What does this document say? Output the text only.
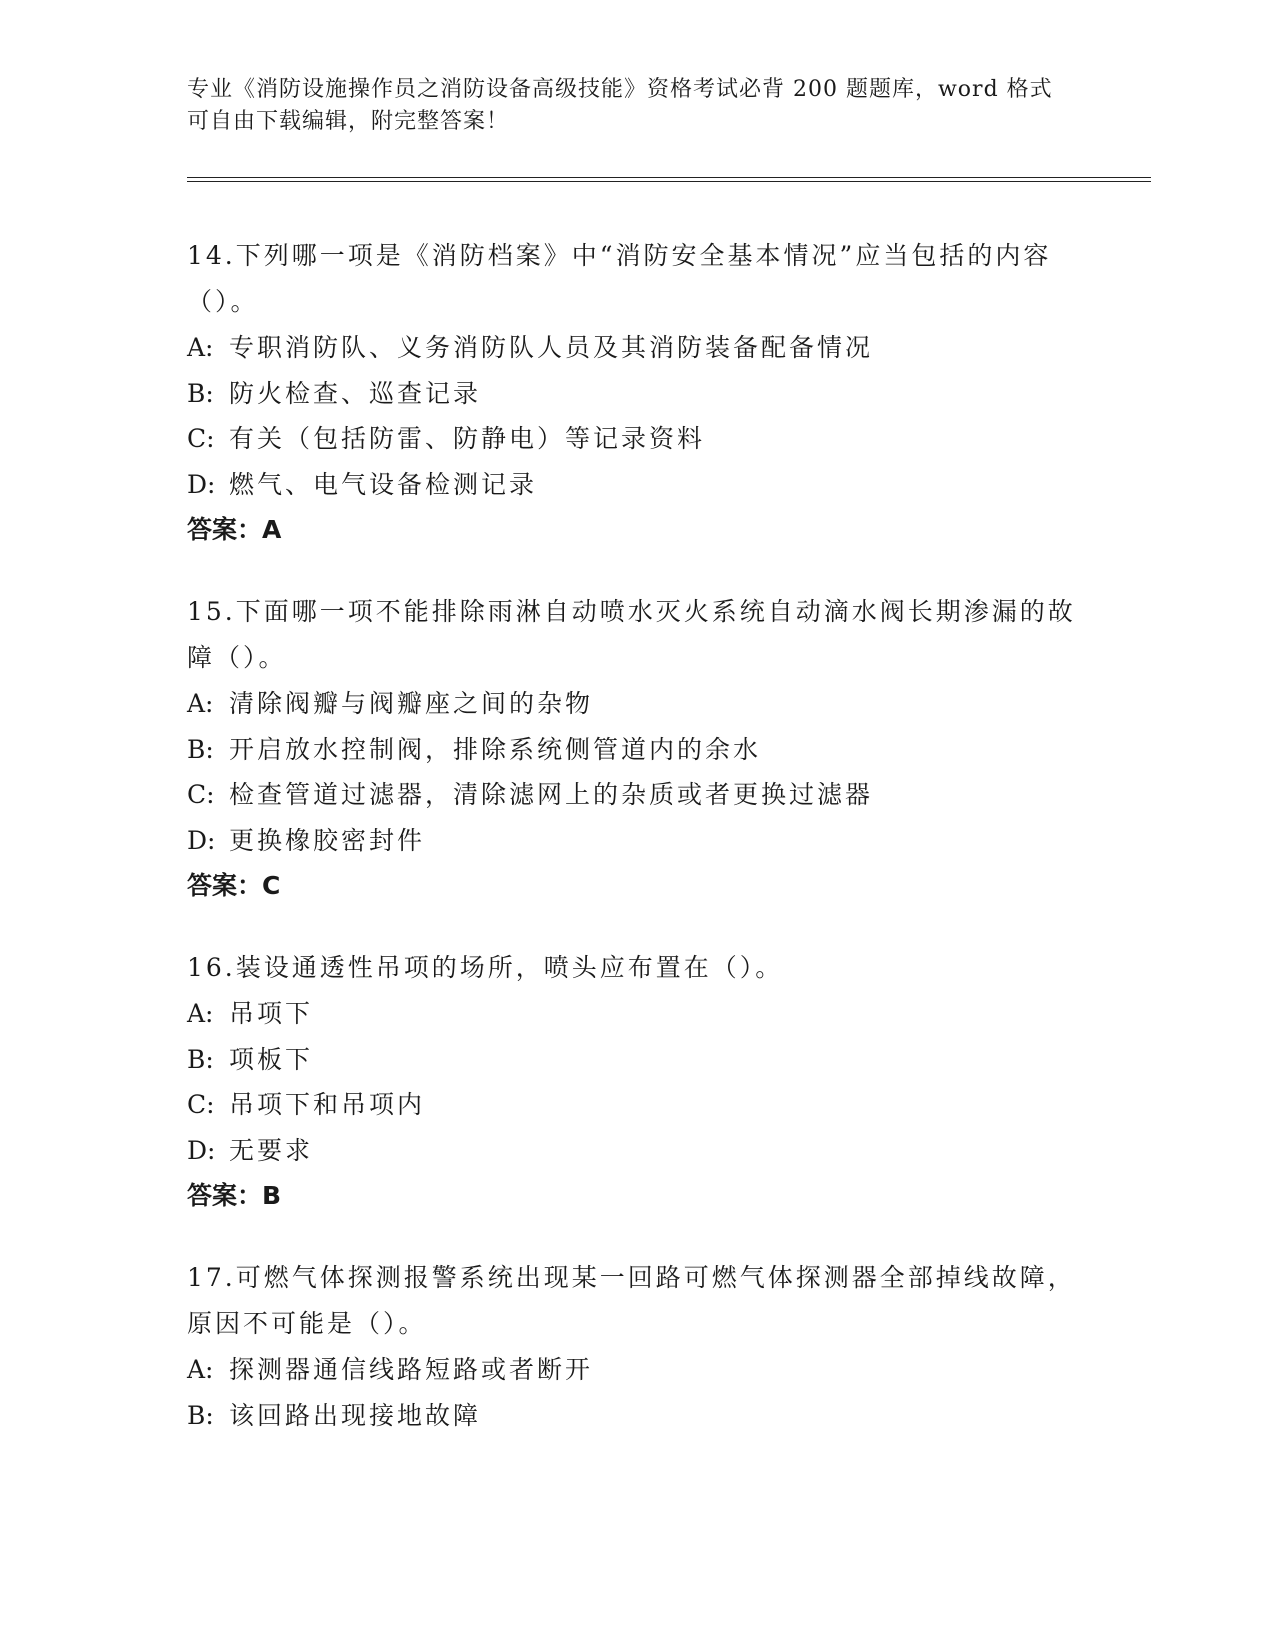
专业《消防设施操作员之消防设备高级技能》资格考试必背 200 题题库，word 格式可自由下载编辑，附完整答案！

14.下列哪一项是《消防档案》中“消防安全基本情况”应当包括的内容（）。

A: 专职消防队、义务消防队人员及其消防装备配备情况

B: 防火检查、巡查记录

C: 有关（包括防雷、防静电）等记录资料

D: 燃气、电气设备检测记录

答案：A

15.下面哪一项不能排除雨淋自动喷水灭火系统自动滴水阀长期渗漏的故障（）。

A: 清除阀瓣与阀瓣座之间的杂物

B: 开启放水控制阀，排除系统侧管道内的余水

C: 检查管道过滤器，清除滤网上的杂质或者更换过滤器

D: 更换橡胶密封件

答案：C

16.装设通透性吊项的场所，喷头应布置在（）。

A: 吊项下

B: 项板下

C: 吊项下和吊项内

D: 无要求

答案：B

17.可燃气体探测报警系统出现某一回路可燃气体探测器全部掉线故障，原因不可能是（）。

A: 探测器通信线路短路或者断开

B: 该回路出现接地故障
